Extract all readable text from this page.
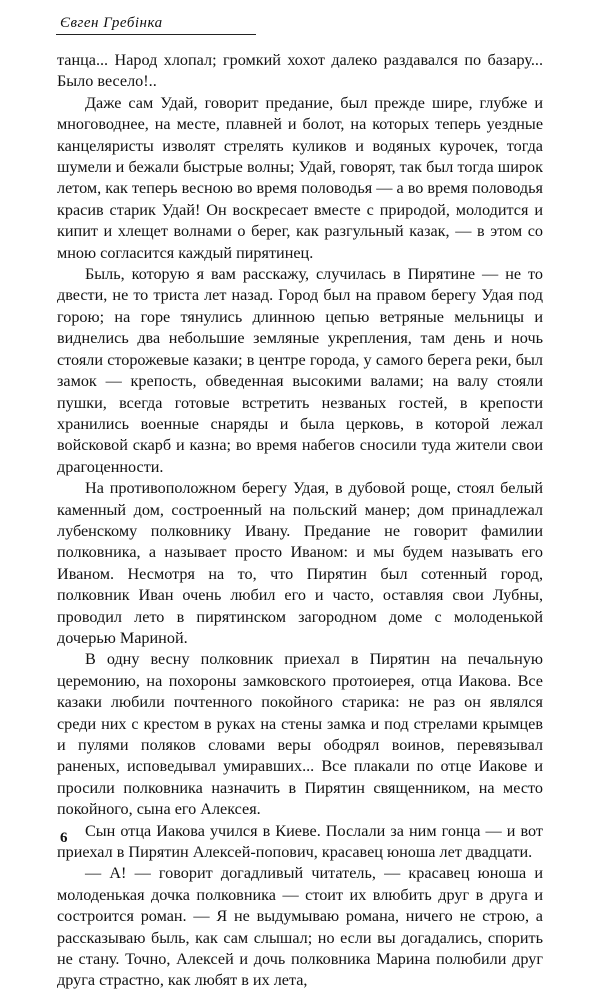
Євген Гребінка

танца... Народ хлопал; громкий хохот далеко раздавался по базару... Было весело!..

Даже сам Удай, говорит предание, был прежде шире, глубже и многоводнее, на месте, плавней и болот, на которых теперь уездные канцеляристы изволят стрелять куликов и водяных курочек, тогда шумели и бежали быстрые волны; Удай, говорят, так был тогда широк летом, как теперь весною во время половодья — а во время половодья красив старик Удай! Он воскресает вместе с природой, молодится и кипит и хлещет волнами о берег, как разгульный казак, — в этом со мною согласится каждый пирятинец.

Быль, которую я вам расскажу, случилась в Пирятине — не то двести, не то триста лет назад. Город был на правом берегу Удая под горою; на горе тянулись длинною цепью ветряные мельницы и виднелись два небольшие земляные укрепления, там день и ночь стояли сторожевые казаки; в центре города, у самого берега реки, был замок — крепость, обведенная высокими валами; на валу стояли пушки, всегда готовые встретить незваных гостей, в крепости хранились военные снаряды и была церковь, в которой лежал войсковой скарб и казна; во время набегов сносили туда жители свои драгоценности.

На противоположном берегу Удая, в дубовой роще, стоял белый каменный дом, состроенный на польский манер; дом принадлежал лубенскому полковнику Ивану. Предание не говорит фамилии полковника, а называет просто Иваном: и мы будем называть его Иваном. Несмотря на то, что Пирятин был сотенный город, полковник Иван очень любил его и часто, оставляя свои Лубны, проводил лето в пирятинском загородном доме с молоденькой дочерью Мариной.

В одну весну полковник приехал в Пирятин на печальную церемонию, на похороны замковского протоиерея, отца Иакова. Все казаки любили почтенного покойного старика: не раз он являлся среди них с крестом в руках на стены замка и под стрелами крымцев и пулями поляков словами веры ободрял воинов, перевязывал раненых, исповедывал умиравших... Все плакали по отце Иакове и просили полковника назначить в Пирятин священником, на место покойного, сына его Алексея.

Сын отца Иакова учился в Киеве. Послали за ним гонца — и вот приехал в Пирятин Алексей-попович, красавец юноша лет двадцати.

— А! — говорит догадливый читатель, — красавец юноша и молоденькая дочка полковника — стоит их влюбить друг в друга и состроится роман. — Я не выдумываю романа, ничего не строю, а рассказываю быль, как сам слышал; но если вы догадались, спорить не стану. Точно, Алексей и дочь полковника Марина полюбили друг друга страстно, как любят в их лета,

6
